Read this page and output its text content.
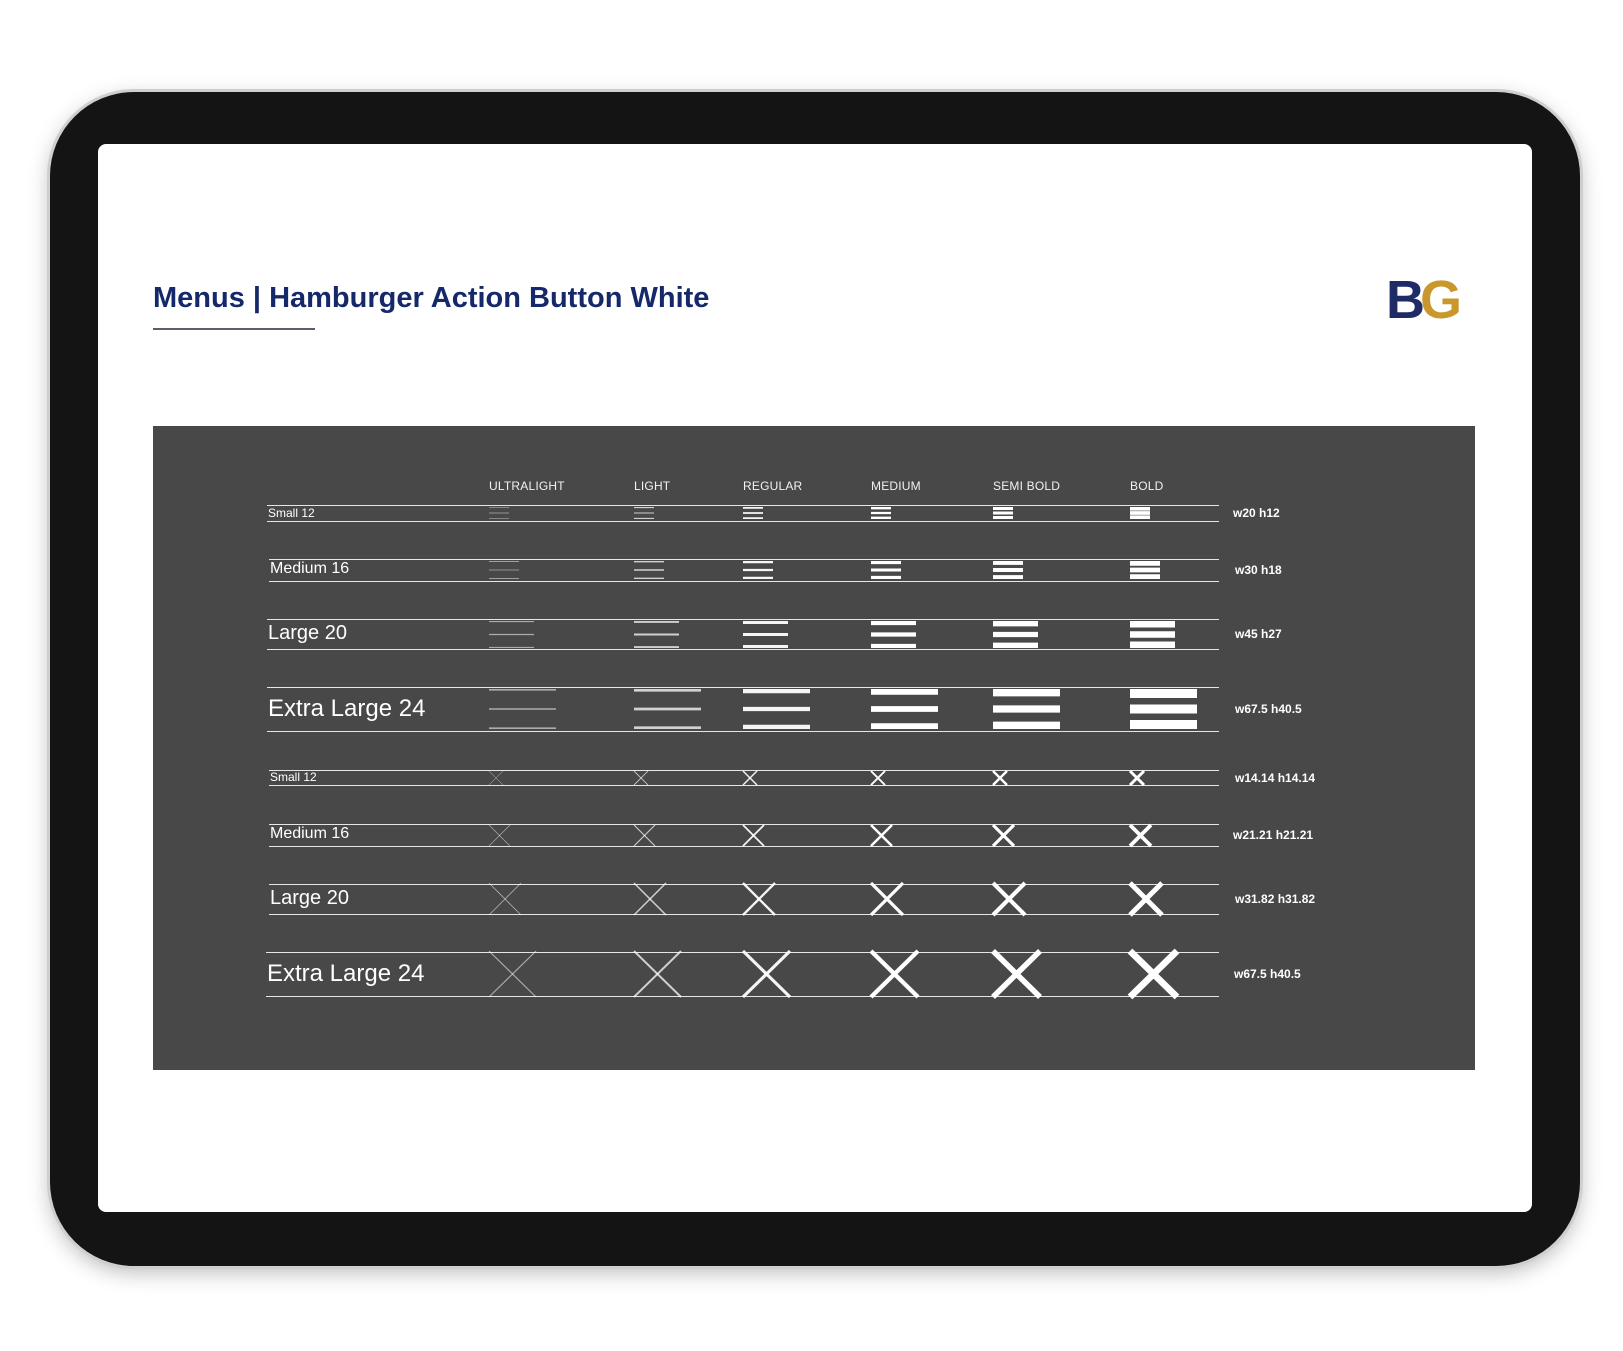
Menus | Hamburger Action Button White	B
G
ULTRALIGHT	LIGHT	REGULAR	MEDIUM	SEMI BOLD	BOLD
Small 12	w20 h12
Medium 16	w30 h18
Large 20	w45 h27
Extra Large 24	w67.5 h40.5
Small 12	w14.14 h14.14
Medium 16	w21.21 h21.21
Large 20	w31.82 h31.82
Extra Large 24	w67.5 h40.5
